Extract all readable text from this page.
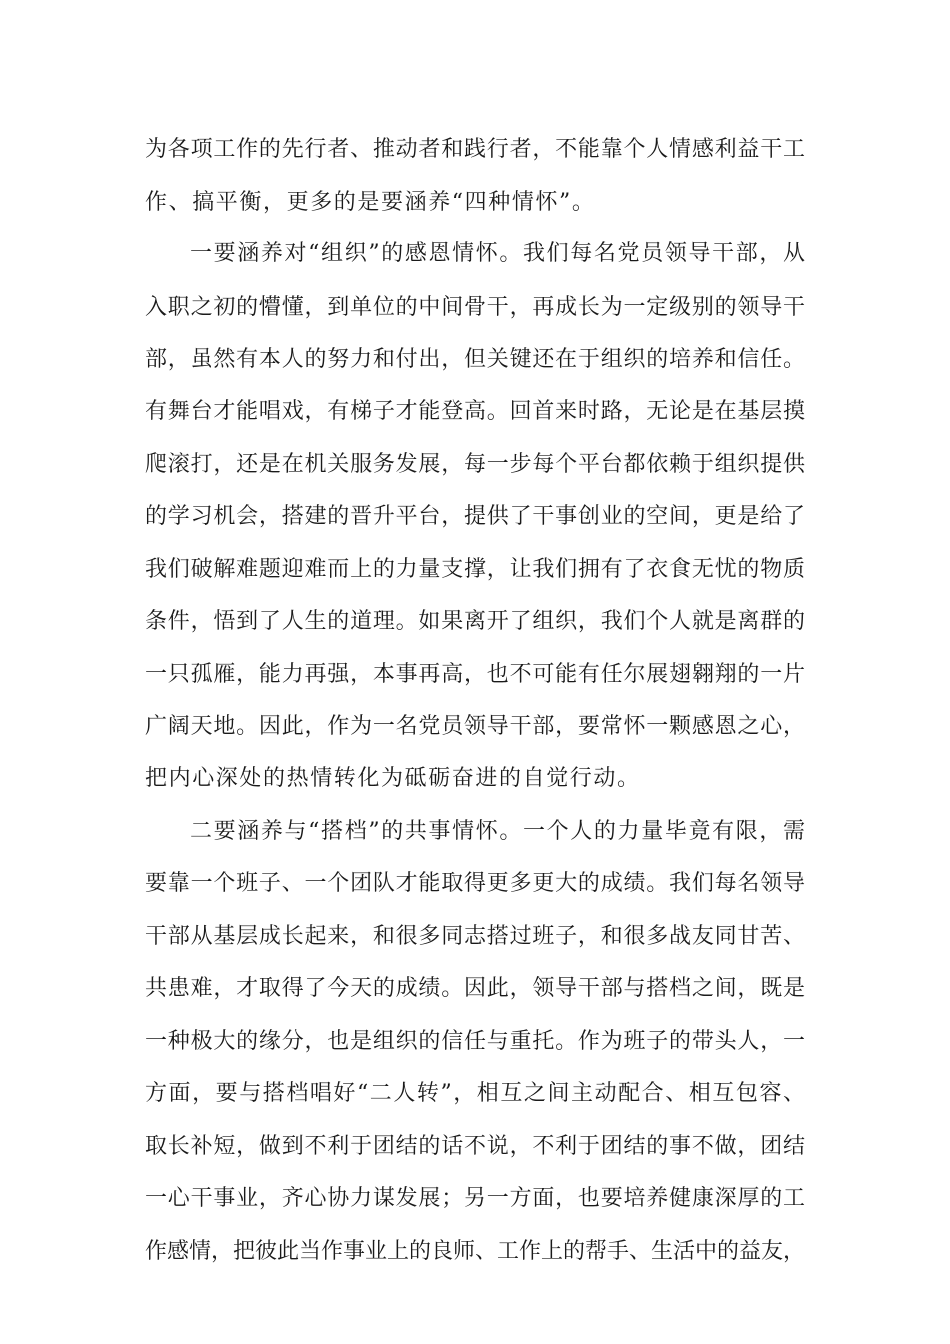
为各项工作的先行者、推动者和践行者，不能靠个人情感利益干工
作、搞平衡，更多的是要涵养“四种情怀”。
一要涵养对“组织”的感恩情怀。我们每名党员领导干部，从
入职之初的懵懂，到单位的中间骨干，再成长为一定级别的领导干
部，虽然有本人的努力和付出，但关键还在于组织的培养和信任。
有舞台才能唱戏，有梯子才能登高。回首来时路，无论是在基层摸
爬滚打，还是在机关服务发展，每一步每个平台都依赖于组织提供
的学习机会，搭建的晋升平台，提供了干事创业的空间，更是给了
我们破解难题迎难而上的力量支撑，让我们拥有了衣食无忧的物质
条件，悟到了人生的道理。如果离开了组织，我们个人就是离群的
一只孤雁，能力再强，本事再高，也不可能有任尔展翅翱翔的一片
广阔天地。因此，作为一名党员领导干部，要常怀一颗感恩之心，
把内心深处的热情转化为砥砺奋进的自觉行动。
二要涵养与“搭档”的共事情怀。一个人的力量毕竟有限，需
要靠一个班子、一个团队才能取得更多更大的成绩。我们每名领导
干部从基层成长起来，和很多同志搭过班子，和很多战友同甘苦、
共患难，才取得了今天的成绩。因此，领导干部与搭档之间，既是
一种极大的缘分，也是组织的信任与重托。作为班子的带头人，一
方面，要与搭档唱好“二人转”，相互之间主动配合、相互包容、
取长补短，做到不利于团结的话不说，不利于团结的事不做，团结
一心干事业，齐心协力谋发展；另一方面，也要培养健康深厚的工
作感情，把彼此当作事业上的良师、工作上的帮手、生活中的益友，
